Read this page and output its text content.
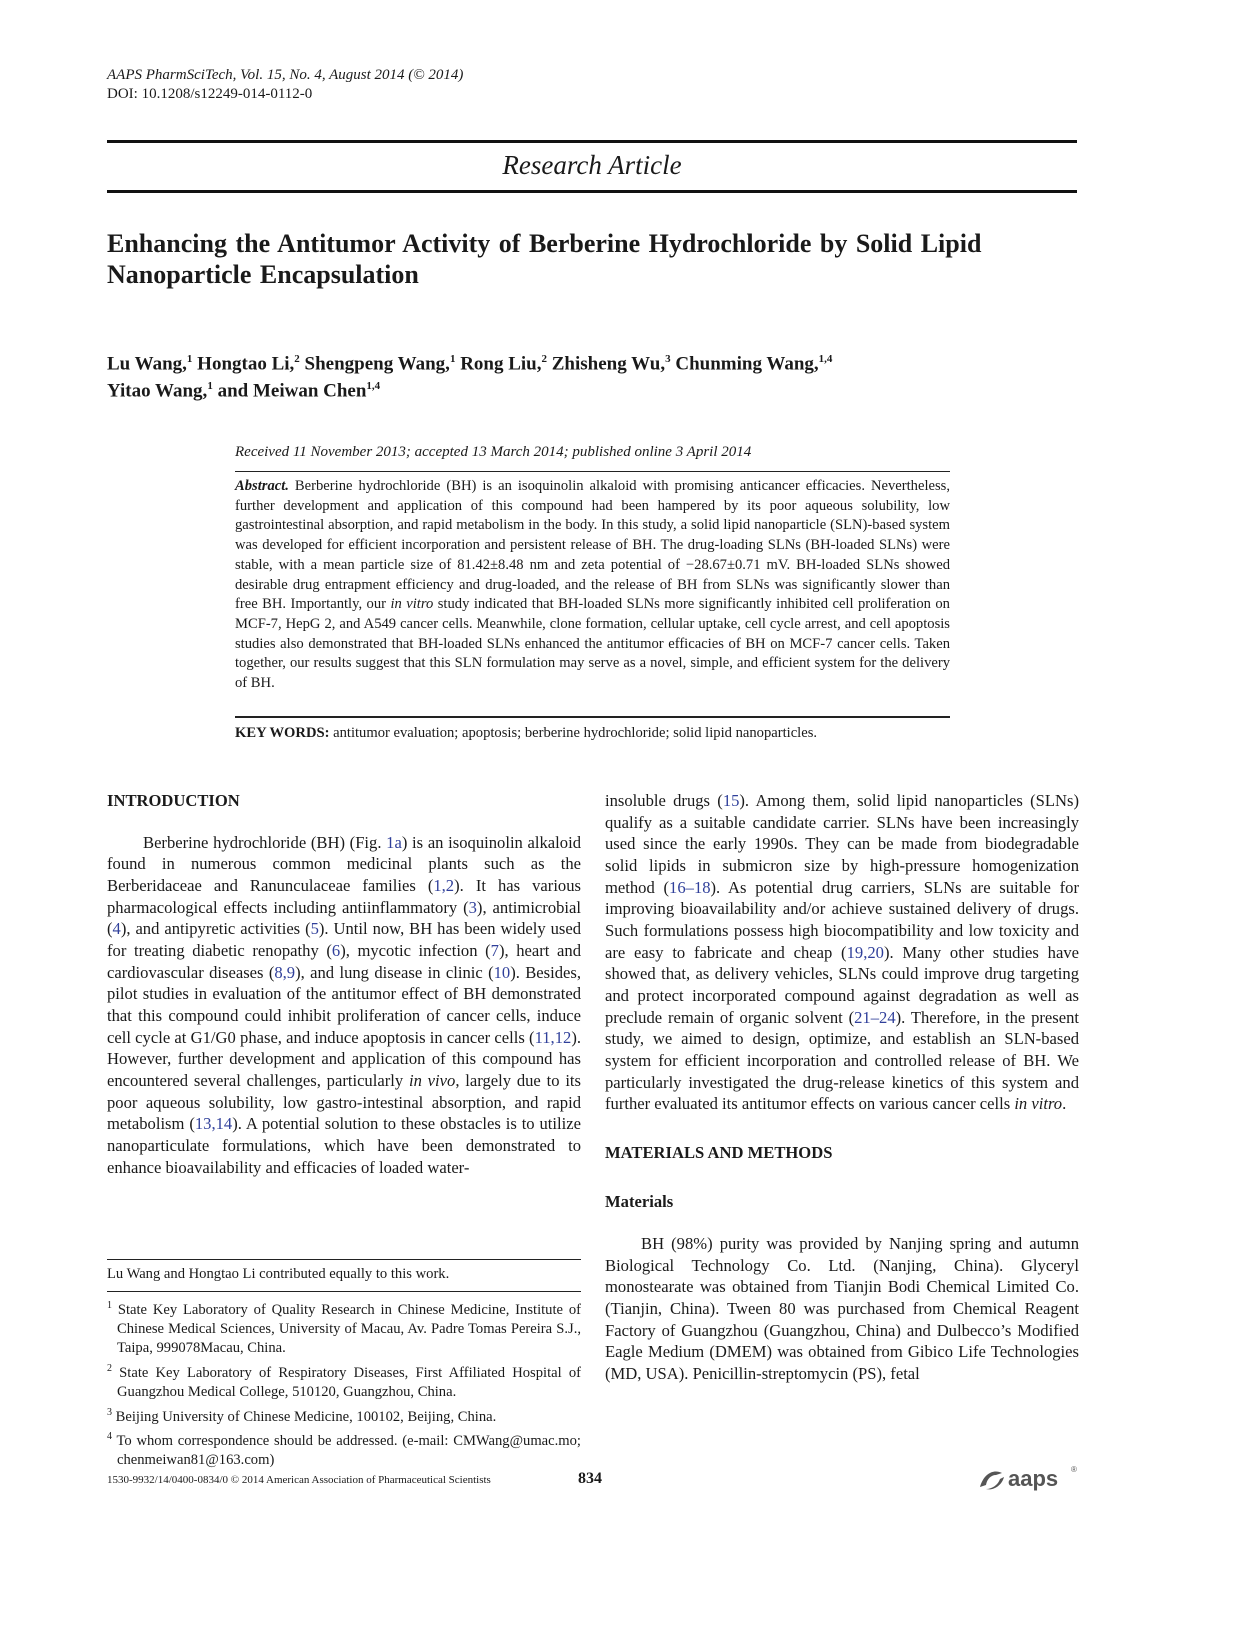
AAPS PharmSciTech, Vol. 15, No. 4, August 2014 (© 2014)
DOI: 10.1208/s12249-014-0112-0
Research Article
Enhancing the Antitumor Activity of Berberine Hydrochloride by Solid Lipid Nanoparticle Encapsulation
Lu Wang,$^1$ Hongtao Li,$^2$ Shengpeng Wang,$^1$ Rong Liu,$^2$ Zhisheng Wu,$^3$ Chunming Wang,$^{1,4}$
Yitao Wang,$^1$ and Meiwan Chen$^{1,4}$
Received 11 November 2013; accepted 13 March 2014; published online 3 April 2014
Abstract. Berberine hydrochloride (BH) is an isoquinolin alkaloid with promising anticancer efficacies. Nevertheless, further development and application of this compound had been hampered by its poor aqueous solubility, low gastrointestinal absorption, and rapid metabolism in the body. In this study, a solid lipid nanoparticle (SLN)-based system was developed for efficient incorporation and persistent release of BH. The drug-loading SLNs (BH-loaded SLNs) were stable, with a mean particle size of 81.42±8.48 nm and zeta potential of −28.67±0.71 mV. BH-loaded SLNs showed desirable drug entrapment efficiency and drug-loaded, and the release of BH from SLNs was significantly slower than free BH. Importantly, our in vitro study indicated that BH-loaded SLNs more significantly inhibited cell proliferation on MCF-7, HepG 2, and A549 cancer cells. Meanwhile, clone formation, cellular uptake, cell cycle arrest, and cell apoptosis studies also demonstrated that BH-loaded SLNs enhanced the antitumor efficacies of BH on MCF-7 cancer cells. Taken together, our results suggest that this SLN formulation may serve as a novel, simple, and efficient system for the delivery of BH.
KEY WORDS: antitumor evaluation; apoptosis; berberine hydrochloride; solid lipid nanoparticles.
INTRODUCTION

Berberine hydrochloride (BH) (Fig. 1a) is an isoquinolin alkaloid found in numerous common medicinal plants such as the Berberidaceae and Ranunculaceae families (1,2). It has various pharmacological effects including antiinflammatory (3), antimicrobial (4), and antipyretic activities (5). Until now, BH has been widely used for treating diabetic renopathy (6), mycotic infection (7), heart and cardiovascular diseases (8,9), and lung disease in clinic (10). Besides, pilot studies in evaluation of the antitumor effect of BH demonstrated that this compound could inhibit proliferation of cancer cells, induce cell cycle at G1/G0 phase, and induce apoptosis in cancer cells (11,12). However, further development and application of this compound has encountered several challenges, particularly in vivo, largely due to its poor aqueous solubility, low gastro-intestinal absorption, and rapid metabolism (13,14). A potential solution to these obstacles is to utilize nanoparticulate formulations, which have been demonstrated to enhance bioavailability and efficacies of loaded water-

insoluble drugs (15). Among them, solid lipid nanoparticles (SLNs) qualify as a suitable candidate carrier. SLNs have been increasingly used since the early 1990s. They can be made from biodegradable solid lipids in submicron size by high-pressure homogenization method (16–18). As potential drug carriers, SLNs are suitable for improving bioavailability and/or achieve sustained delivery of drugs. Such formulations possess high biocompatibility and low toxicity and are easy to fabricate and cheap (19,20). Many other studies have showed that, as delivery vehicles, SLNs could improve drug targeting and protect incorporated compound against degradation as well as preclude remain of organic solvent (21–24). Therefore, in the present study, we aimed to design, optimize, and establish an SLN-based system for efficient incorporation and controlled release of BH. We particularly investigated the drug-release kinetics of this system and further evaluated its antitumor effects on various cancer cells in vitro.

MATERIALS AND METHODS
Materials

BH (98%) purity was provided by Nanjing spring and autumn Biological Technology Co. Ltd. (Nanjing, China). Glyceryl monostearate was obtained from Tianjin Bodi Chemical Limited Co. (Tianjin, China). Tween 80 was purchased from Chemical Reagent Factory of Guangzhou (Guangzhou, China) and Dulbecco’s Modified Eagle Medium (DMEM) was obtained from Gibico Life Technologies (MD, USA). Penicillin-streptomycin (PS), fetal

Lu Wang and Hongtao Li contributed equally to this work.
$^1$ State Key Laboratory of Quality Research in Chinese Medicine, Institute of Chinese Medical Sciences, University of Macau, Av. Padre Tomas Pereira S.J., Taipa, 999078Macau, China.
$^2$ State Key Laboratory of Respiratory Diseases, First Affiliated Hospital of Guangzhou Medical College, 510120, Guangzhou, China.
$^3$ Beijing University of Chinese Medicine, 100102, Beijing, China.
$^4$ To whom correspondence should be addressed. (e-mail: CMWang@umac.mo; chenmeiwan81@163.com)
1530-9932/14/0400-0834/0 © 2014 American Association of Pharmaceutical Scientists	834	aaps ®
